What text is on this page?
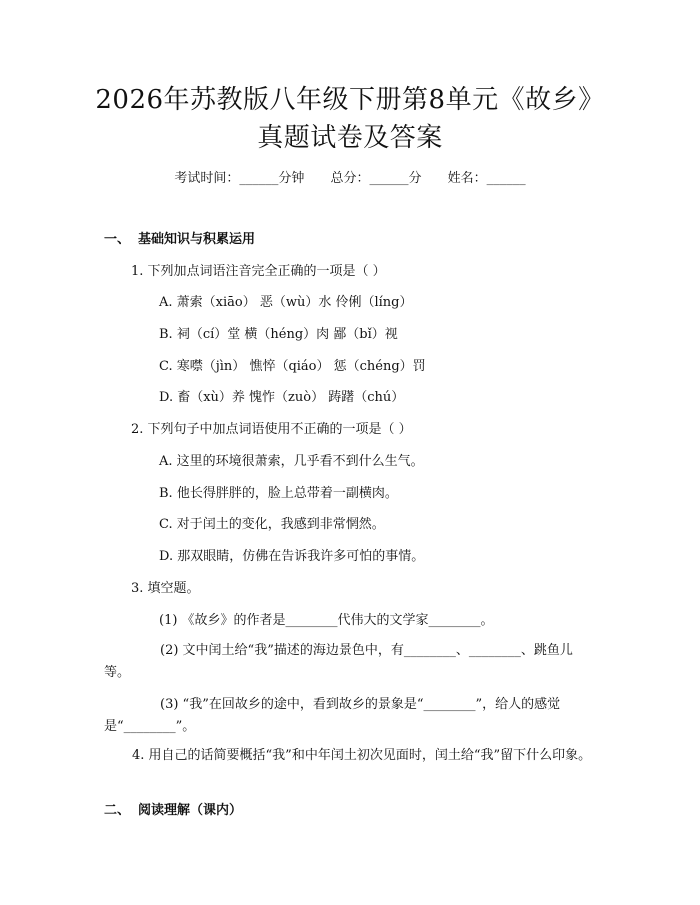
2026年苏教版八年级下册第8单元《故乡》
真题试卷及答案
考试时间：______分钟 总分：______分 姓名：______
一、 基础知识与积累运用
1. 下列加点词语注音完全正确的一项是（ ）
A. 萧索（xiāo） 恶（wù）水 伶俐（líng）
B. 祠（cí）堂 横（héng）肉 鄙（bǐ）视
C. 寒噤（jìn） 憔悴（qiáo） 惩（chéng）罚
D. 畜（xù）养 愧怍（zuò） 踌躇（chú）
2. 下列句子中加点词语使用不正确的一项是（ ）
A. 这里的环境很萧索，几乎看不到什么生气。
B. 他长得胖胖的，脸上总带着一副横肉。
C. 对于闰土的变化，我感到非常惘然。
D. 那双眼睛，仿佛在告诉我许多可怕的事情。
3. 填空题。
(1) 《故乡》的作者是________代伟大的文学家________。
(2) 文中闰土给“我”描述的海边景色中，有________、________、跳鱼儿等。
(3) “我”在回故乡的途中，看到故乡的景象是“________”，给人的感觉是“________”。
4. 用自己的话简要概括“我”和中年闰土初次见面时，闰土给“我”留下什么印象。
二、 阅读理解（课内）
